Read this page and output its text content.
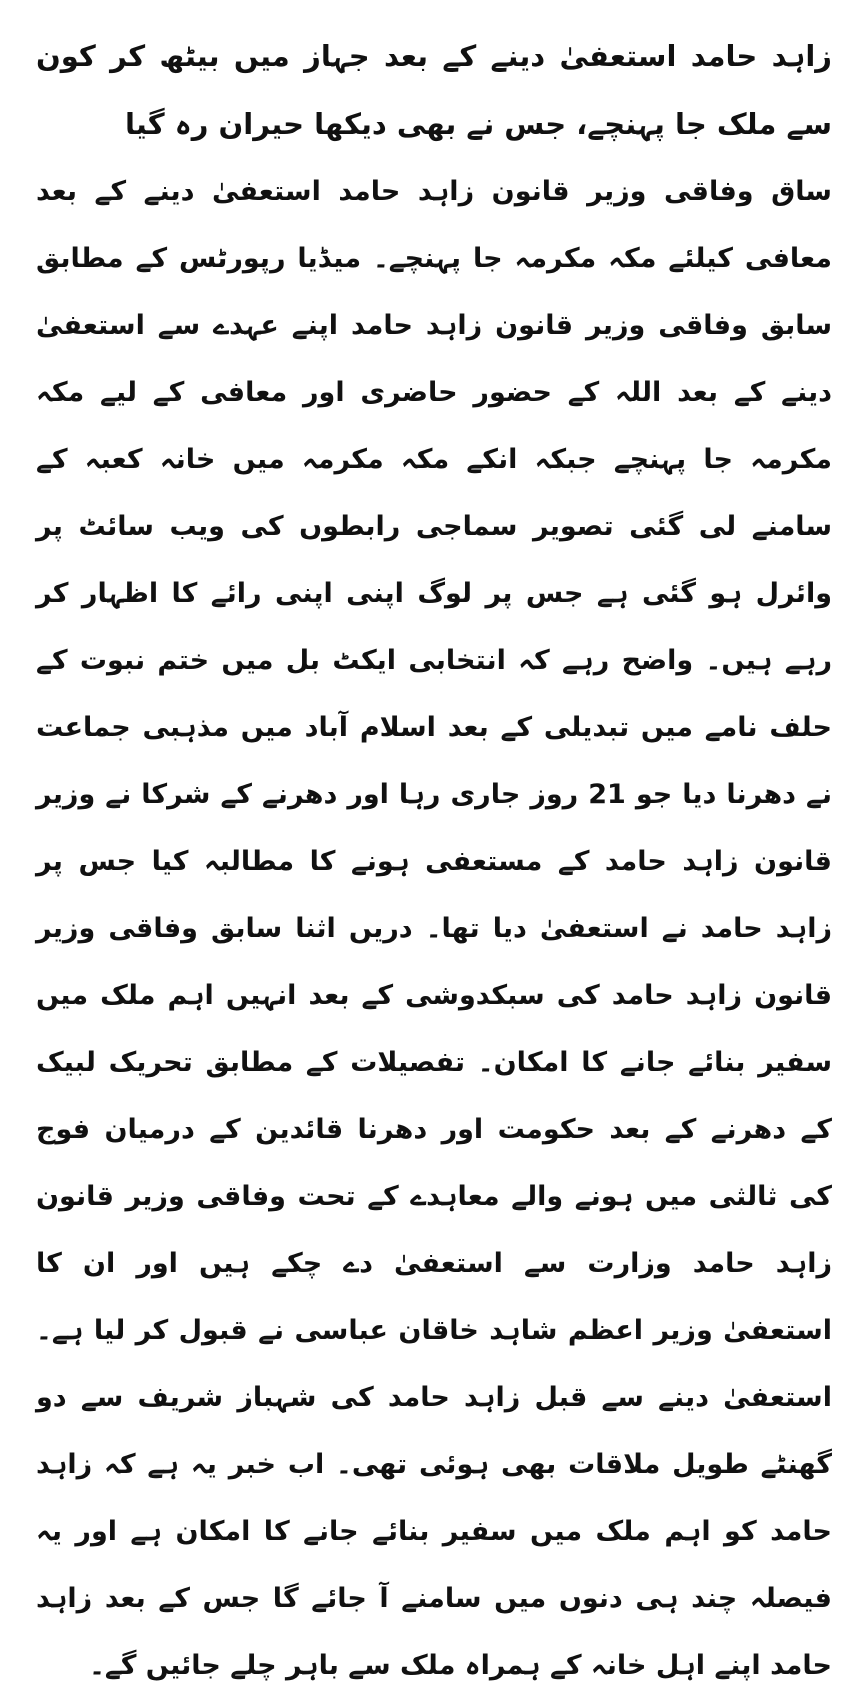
زاہد حامد استعفیٰ دینے کے بعد جہاز میں بیٹھ کر کون سے ملک جا پہنچے، جس نے بھی دیکھا حیران رہ گیا

ساق وفاقی وزیر قانون زاہد حامد استعفیٰ دینے کے بعد معافی کیلئے مکہ مکرمہ جا پہنچے۔ میڈیا رپورٹس کے مطابق سابق وفاقی وزیر قانون زاہد حامد اپنے عہدے سے استعفیٰ دینے کے بعد اللہ کے حضور حاضری اور معافی کے لیے مکہ مکرمہ جا پہنچے جبکہ انکے مکہ مکرمہ میں خانہ کعبہ کے سامنے لی گئی تصویر سماجی رابطوں کی ویب سائٹ پر وائرل ہو گئی ہے جس پر لوگ اپنی اپنی رائے کا اظہار کر رہے ہیں۔ واضح رہے کہ انتخابی ایکٹ بل میں ختم نبوت کے حلف نامے میں تبدیلی کے بعد اسلام آباد میں مذہبی جماعت نے دھرنا دیا جو 21 روز جاری رہا اور دھرنے کے شرکا نے وزیر قانون زاہد حامد کے مستعفی ہونے کا مطالبہ کیا جس پر زاہد حامد نے استعفیٰ دیا تھا۔ دریں اثنا سابق وفاقی وزیر قانون زاہد حامد کی سبکدوشی کے بعد انہیں اہم ملک میں سفیر بنائے جانے کا امکان۔ تفصیلات کے مطابق تحریک لبیک کے دھرنے کے بعد حکومت اور دھرنا قائدین کے درمیان فوج کی ثالثی میں ہونے والے معاہدے کے تحت وفاقی وزیر قانون زاہد حامد وزارت سے استعفیٰ دے چکے ہیں اور ان کا استعفیٰ وزیر اعظم شاہد خاقان عباسی نے قبول کر لیا ہے۔ استعفیٰ دینے سے قبل زاہد حامد کی شہباز شریف سے دو گھنٹے طویل ملاقات بھی ہوئی تھی۔ اب خبر یہ ہے کہ زاہد حامد کو اہم ملک میں سفیر بنائے جانے کا امکان ہے اور یہ فیصلہ چند ہی دنوں میں سامنے آ جائے گا جس کے بعد زاہد حامد اپنے اہل خانہ کے ہمراہ ملک سے باہر چلے جائیں گے۔
